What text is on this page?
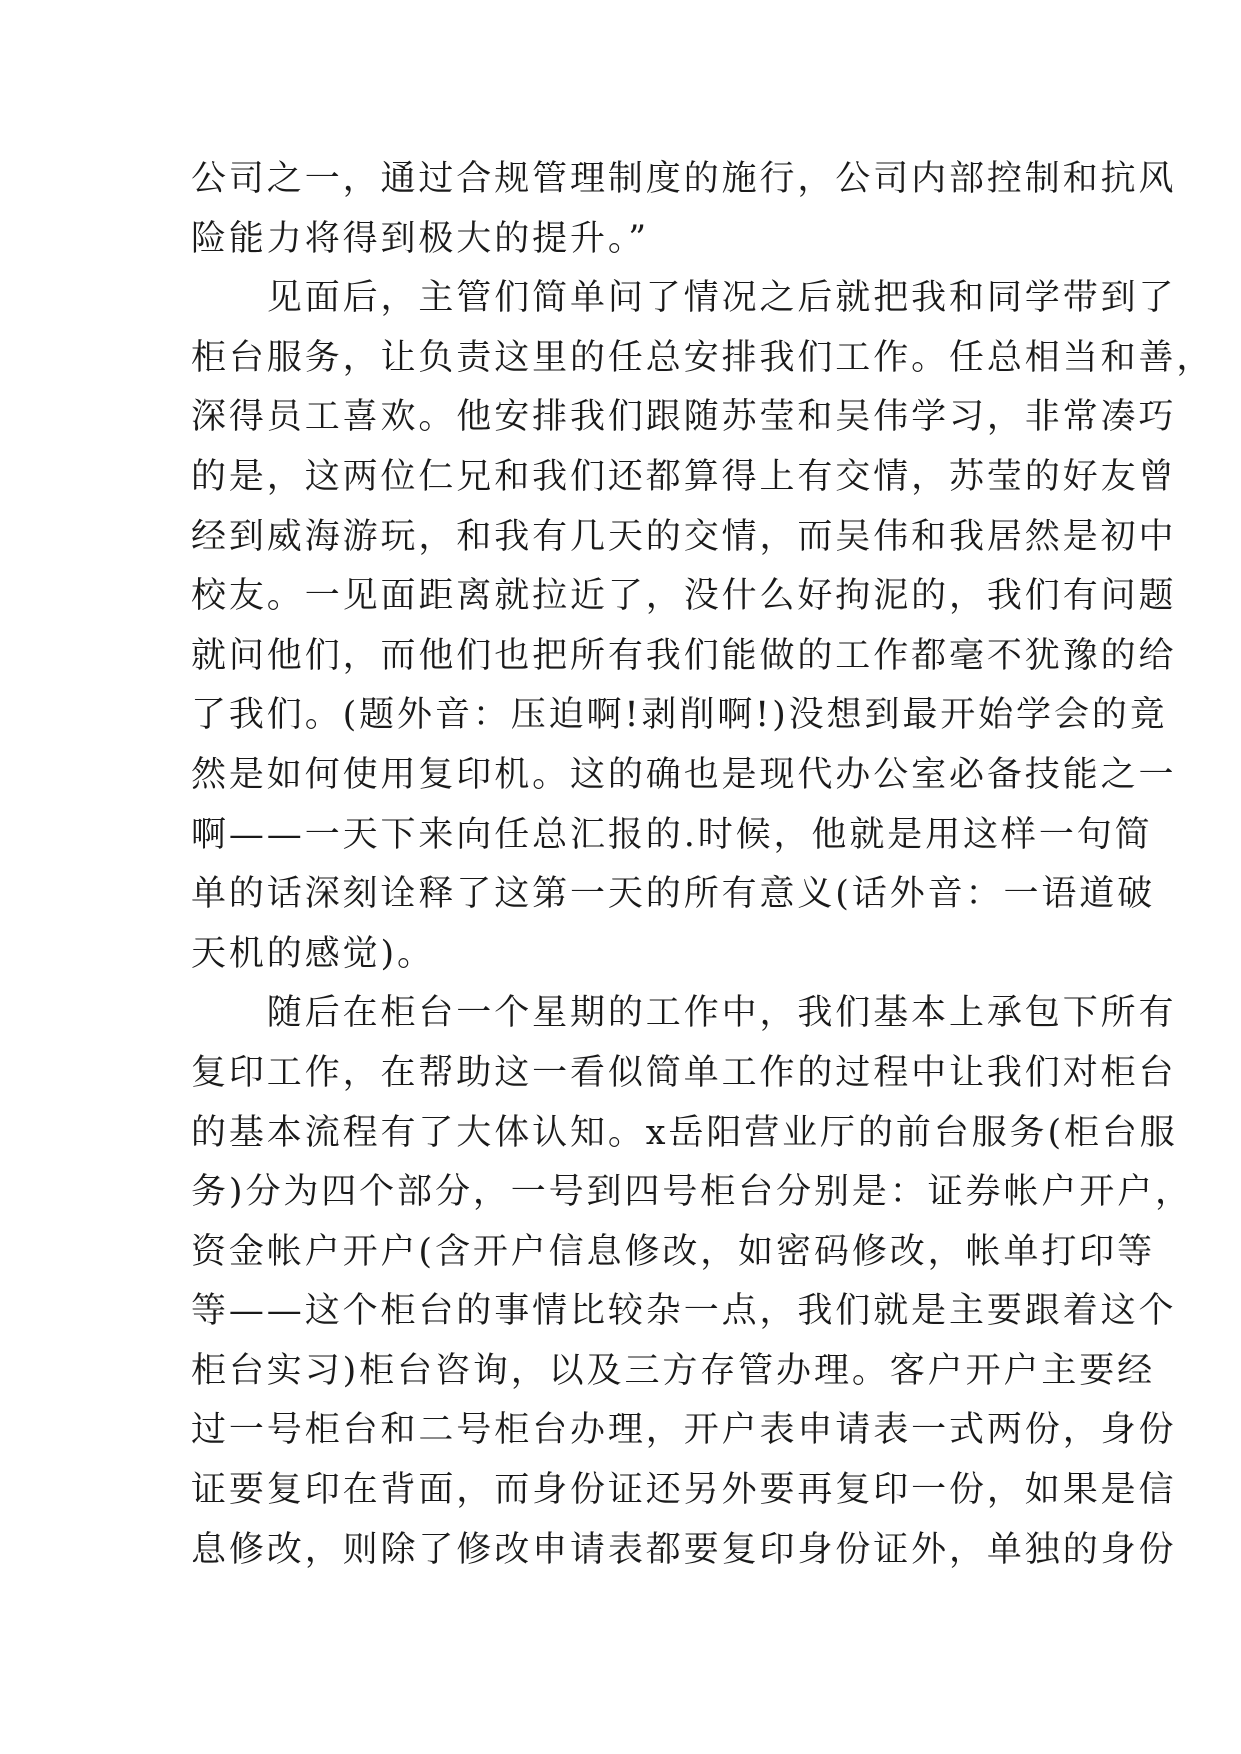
公司之一，通过合规管理制度的施行，公司内部控制和抗风
险能力将得到极大的提升。”
　　见面后，主管们简单问了情况之后就把我和同学带到了
柜台服务，让负责这里的任总安排我们工作。任总相当和善，
深得员工喜欢。他安排我们跟随苏莹和吴伟学习，非常凑巧
的是，这两位仁兄和我们还都算得上有交情，苏莹的好友曾
经到威海游玩，和我有几天的交情，而吴伟和我居然是初中
校友。一见面距离就拉近了，没什么好拘泥的，我们有问题
就问他们，而他们也把所有我们能做的工作都毫不犹豫的给
了我们。(题外音：压迫啊!剥削啊!)没想到最开始学会的竟
然是如何使用复印机。这的确也是现代办公室必备技能之一
啊——一天下来向任总汇报的.时候，他就是用这样一句简
单的话深刻诠释了这第一天的所有意义(话外音：一语道破
天机的感觉)。
　　随后在柜台一个星期的工作中，我们基本上承包下所有
复印工作，在帮助这一看似简单工作的过程中让我们对柜台
的基本流程有了大体认知。x岳阳营业厅的前台服务(柜台服
务)分为四个部分，一号到四号柜台分别是：证券帐户开户，
资金帐户开户(含开户信息修改，如密码修改，帐单打印等
等——这个柜台的事情比较杂一点，我们就是主要跟着这个
柜台实习)柜台咨询，以及三方存管办理。客户开户主要经
过一号柜台和二号柜台办理，开户表申请表一式两份，身份
证要复印在背面，而身份证还另外要再复印一份，如果是信
息修改，则除了修改申请表都要复印身份证外，单独的身份
